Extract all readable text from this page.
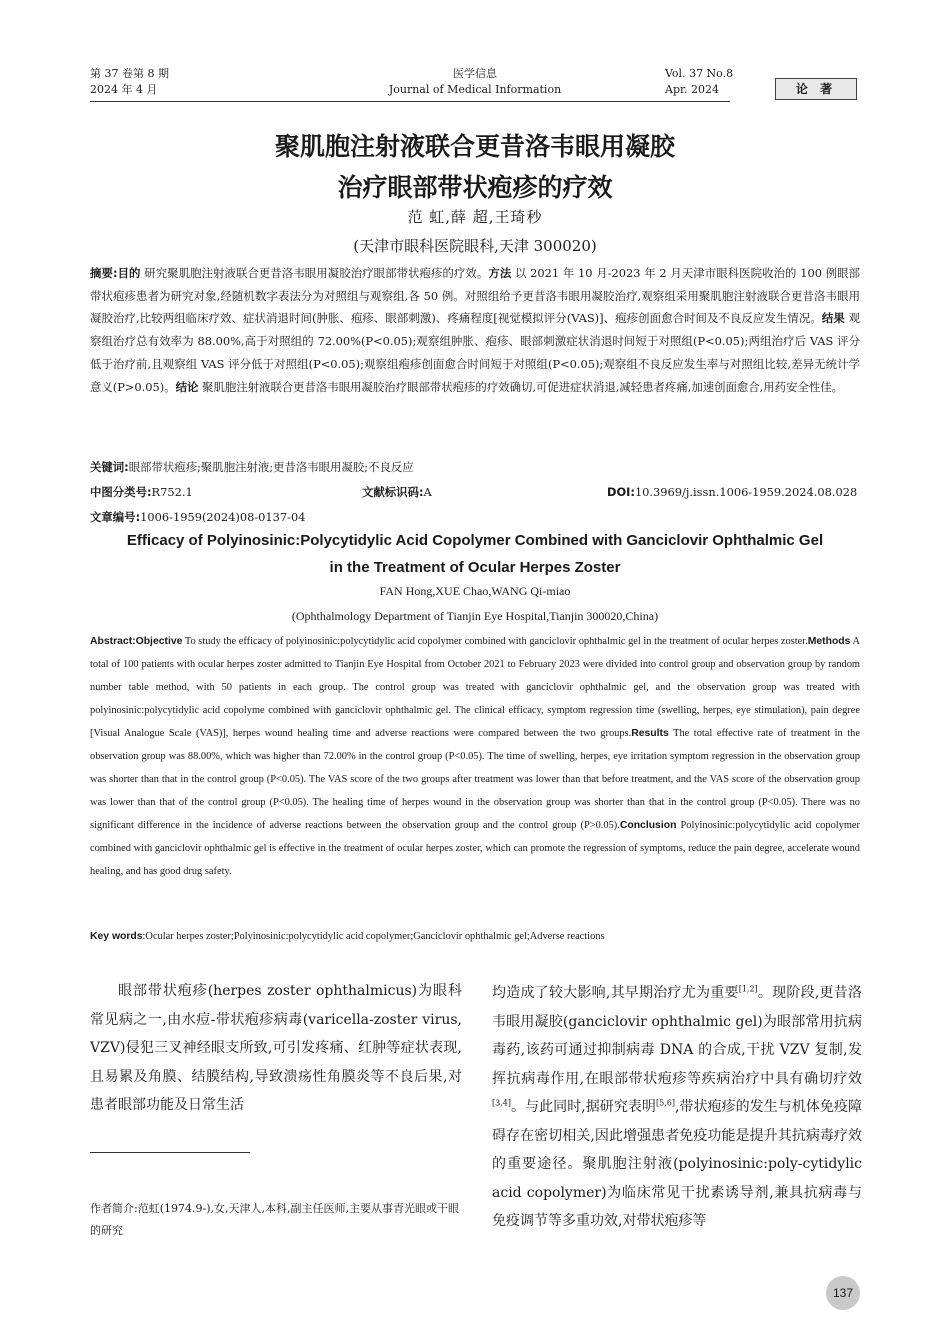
第 37 卷第 8 期
2024 年 4 月
医学信息
Journal of Medical Information
Vol. 37 No.8
Apr. 2024	论 著
聚肌胞注射液联合更昔洛韦眼用凝胶
治疗眼部带状疱疹的疗效
范 虹,薛 超,王琦秒
(天津市眼科医院眼科,天津 300020)
摘要:目的 研究聚肌胞注射液联合更昔洛韦眼用凝胶治疗眼部带状疱疹的疗效。方法 以 2021 年 10 月-2023 年 2 月天津市眼科医院收治的 100 例眼部带状疱疹患者为研究对象,经随机数字表法分为对照组与观察组,各 50 例。对照组给予更昔洛韦眼用凝胶治疗,观察组采用聚肌胞注射液联合更昔洛韦眼用凝胶治疗,比较两组临床疗效、症状消退时间(肿胀、疱疹、眼部刺激)、疼痛程度[视觉模拟评分(VAS)]、疱疹创面愈合时间及不良反应发生情况。结果 观察组治疗总有效率为 88.00%,高于对照组的 72.00%(P<0.05);观察组肿胀、疱疹、眼部刺激症状消退时间短于对照组(P<0.05);两组治疗后 VAS 评分低于治疗前,且观察组 VAS 评分低于对照组(P<0.05);观察组疱疹创面愈合时间短于对照组(P<0.05);观察组不良反应发生率与对照组比较,差异无统计学意义(P>0.05)。结论 聚肌胞注射液联合更昔洛韦眼用凝胶治疗眼部带状疱疹的疗效确切,可促进症状消退,减轻患者疼痛,加速创面愈合,用药安全性佳。
关键词:眼部带状疱疹;聚肌胞注射液;更昔洛韦眼用凝胶;不良反应
中图分类号:R752.1	文献标识码:A	DOI:10.3969/j.issn.1006-1959.2024.08.028
文章编号:1006-1959(2024)08-0137-04
Efficacy of Polyinosinic:Polycytidylic Acid Copolymer Combined with Ganciclovir Ophthalmic Gel
in the Treatment of Ocular Herpes Zoster
FAN Hong,XUE Chao,WANG Qi-miao
(Ophthalmology Department of Tianjin Eye Hospital,Tianjin 300020,China)
Abstract:Objective To study the efficacy of polyinosinic:polycytidylic acid copolymer combined with ganciclovir ophthalmic gel in the treatment of ocular herpes zoster.Methods A total of 100 patients with ocular herpes zoster admitted to Tianjin Eye Hospital from October 2021 to February 2023 were divided into control group and observation group by random number table method, with 50 patients in each group. The control group was treated with ganciclovir ophthalmic gel, and the observation group was treated with polyinosinic:polycytidylic acid copolyme combined with ganciclovir ophthalmic gel. The clinical efficacy, symptom regression time (swelling, herpes, eye stimulation), pain degree [Visual Analogue Scale (VAS)], herpes wound healing time and adverse reactions were compared between the two groups.Results The total effective rate of treatment in the observation group was 88.00%, which was higher than 72.00% in the control group (P<0.05). The time of swelling, herpes, eye irritation symptom regression in the observation group was shorter than that in the control group (P<0.05). The VAS score of the two groups after treatment was lower than that before treatment, and the VAS score of the observation group was lower than that of the control group (P<0.05). The healing time of herpes wound in the observation group was shorter than that in the control group (P<0.05). There was no significant difference in the incidence of adverse reactions between the observation group and the control group (P>0.05).Conclusion Polyinosinic:polycytidylic acid copolymer combined with ganciclovir ophthalmic gel is effective in the treatment of ocular herpes zoster, which can promote the regression of symptoms, reduce the pain degree, accelerate wound healing, and has good drug safety.
Key words:Ocular herpes zoster;Polyinosinic:polycytidylic acid copolymer;Ganciclovir ophthalmic gel;Adverse reactions

眼部带状疱疹(herpes zoster ophthalmicus)为眼科常见病之一,由水痘-带状疱疹病毒(varicella-zoster virus, VZV)侵犯三叉神经眼支所致,可引发疼痛、红肿等症状表现,且易累及角膜、结膜结构,导致溃疡性角膜炎等不良后果,对患者眼部功能及日常生活

均造成了较大影响,其早期治疗尤为重要[1,2]。现阶段,更昔洛韦眼用凝胶(ganciclovir ophthalmic gel)为眼部常用抗病毒药,该药可通过抑制病毒 DNA 的合成,干扰 VZV 复制,发挥抗病毒作用,在眼部带状疱疹等疾病治疗中具有确切疗效[3,4]。与此同时,据研究表明[5,6],带状疱疹的发生与机体免疫障碍存在密切相关,因此增强患者免疫功能是提升其抗病毒疗效的重要途径。聚肌胞注射液(polyinosinic:poly-cytidylic acid copolymer)为临床常见干扰素诱导剂,兼具抗病毒与免疫调节等多重功效,对带状疱疹等

作者简介:范虹(1974.9-),女,天津人,本科,副主任医师,主要从事青光眼或干眼的研究
137
